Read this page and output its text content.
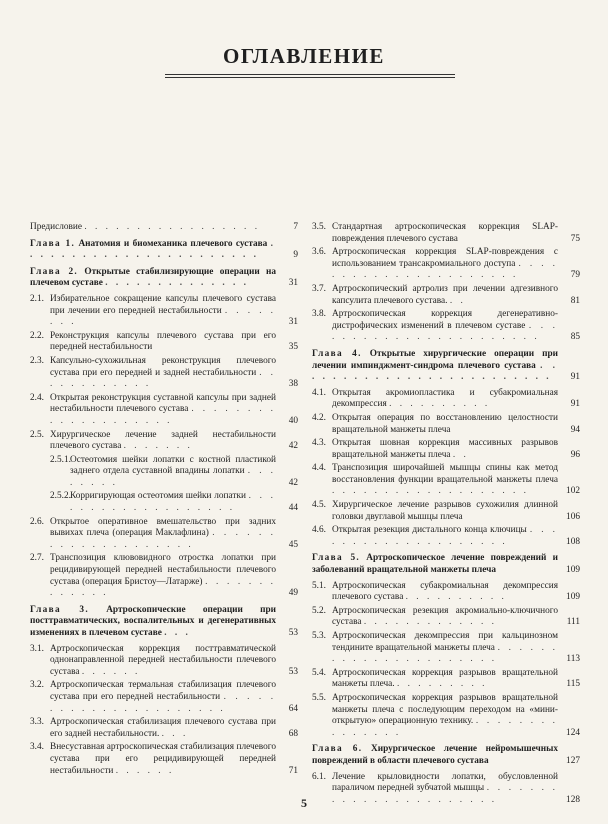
ОГЛАВЛЕНИЕ
Предисловие . . . . . . . . . . . . . . . . .	7
Глава 1. Анатомия и биомеханика плечевого сустава . . . . . . . . . . . . . . . . . . . . . . .	9
Глава 2. Открытые стабилизирующие операции на плечевом суставе . . . . . . . . . . . . . .	31
2.1. Избирательное сокращение капсулы плечевого сустава при лечении его передней нестабильности . . . . . . . .	31
2.2. Реконструкция капсулы плечевого сустава при его передней нестабильности	35
2.3. Капсульно-сухожильная реконструкция плечевого сустава при его передней и задней нестабильности . . . . . . . . . . . .	38
2.4. Открытая реконструкция суставной капсулы при задней нестабильности плечевого сустава . . . . . . . . . . . . . . . . . . . .	40
2.5. Хирургическое лечение задней нестабильности плечевого сустава . . . . . . .	42
2.5.1. Остеотомия шейки лопатки с костной пластикой заднего отдела суставной впадины лопатки . . . . . . . .	42
2.5.2. Корригирующая остеотомия шейки лопатки . . . . . . . . . . . . . . . . . . .	44
2.6. Открытое оперативное вмешательство при задних вывихах плеча (операция Маклафлина) . . . . . . . . . . . . . . . . . . . .	45
2.7. Транспозиция клювовидного отростка лопатки при рецидивирующей передней нестабильности плечевого сустава (операция Бристоу—Латарже) . . . . . . . . . . . . .	49
Глава 3. Артроскопические операции при посттравматических, воспалительных и дегенеративных изменениях в плечевом суставе . . .	53
3.1. Артроскопическая коррекция посттравматической однонаправленной передней нестабильности плечевого сустава . . . . . .	53
3.2. Артроскопическая термальная стабилизация плечевого сустава при его передней нестабильности . . . . . . . . . . . . . . . . . . . . . .	64
3.3. Артроскопическая стабилизация плечевого сустава при его задней нестабильности. . . .	68
3.4. Внесуставная артроскопическая стабилизация плечевого сустава при его рецидивирующей передней нестабильности . . . . . .	71
3.5. Стандартная артроскопическая коррекция SLAP-повреждения плечевого сустава	75
3.6. Артроскопическая коррекция SLAP-повреждения с использованием трансакромиального доступа . . . . . . . . . . . . . . . . . . . . . .	79
3.7. Артроскопический артролиз при лечении адгезивного капсулита плечевого сустава. . .	81
3.8. Артроскопическая коррекция дегенеративно-дистрофических изменений в плечевом суставе . . . . . . . . . . . . . . . . . . . . . . .	85
Глава 4. Открытые хирургические операции при лечении импинджмент-синдрома плечевого сустава . . . . . . . . . . . . . . . . . . . . . . . . .	91
4.1. Открытая акромиопластика и субакромиальная декомпрессия . . . . . . . . . .	91
4.2. Открытая операция по восстановлению целостности вращательной манжеты плеча	94
4.3. Открытая шовная коррекция массивных разрывов вращательной манжеты плеча . .	96
4.4. Транспозиция широчайшей мышцы спины как метод восстановления функции вращательной манжеты плеча . . . . . . . . . . . . . . . . . . .	102
4.5. Хирургическое лечение разрывов сухожилия длинной головки двуглавой мышцы плеча	106
4.6. Открытая резекция дистального конца ключицы . . . . . . . . . . . . . . . . . . . .	108
Глава 5. Артроскопическое лечение повреждений и заболеваний вращательной манжеты плеча	109
5.1. Артроскопическая субакромиальная декомпрессия плечевого сустава . . . . . . . . . .	109
5.2. Артроскопическая резекция акромиально-ключичного сустава . . . . . . . . . . . . .	111
5.3. Артроскопическая декомпрессия при кальцинозном тендините вращательной манжеты плеча . . . . . . . . . . . . . . . . . . . . . .	113
5.4. Артроскопическая коррекция разрывов вращательной манжеты плеча. . . . . . . . . .	115
5.5. Артроскопическая коррекция разрывов вращательной манжеты плеча с последующим переходом на «мини-открытую» операционную технику. . . . . . . . . . . . . . . .	124
Глава 6. Хирургическое лечение нейромышечных повреждений в области плечевого сустава	127
6.1. Лечение крыловидности лопатки, обусловленной параличом передней зубчатой мышцы . . . . . . . . . . . . . . . . . . . . . . .	128
5
